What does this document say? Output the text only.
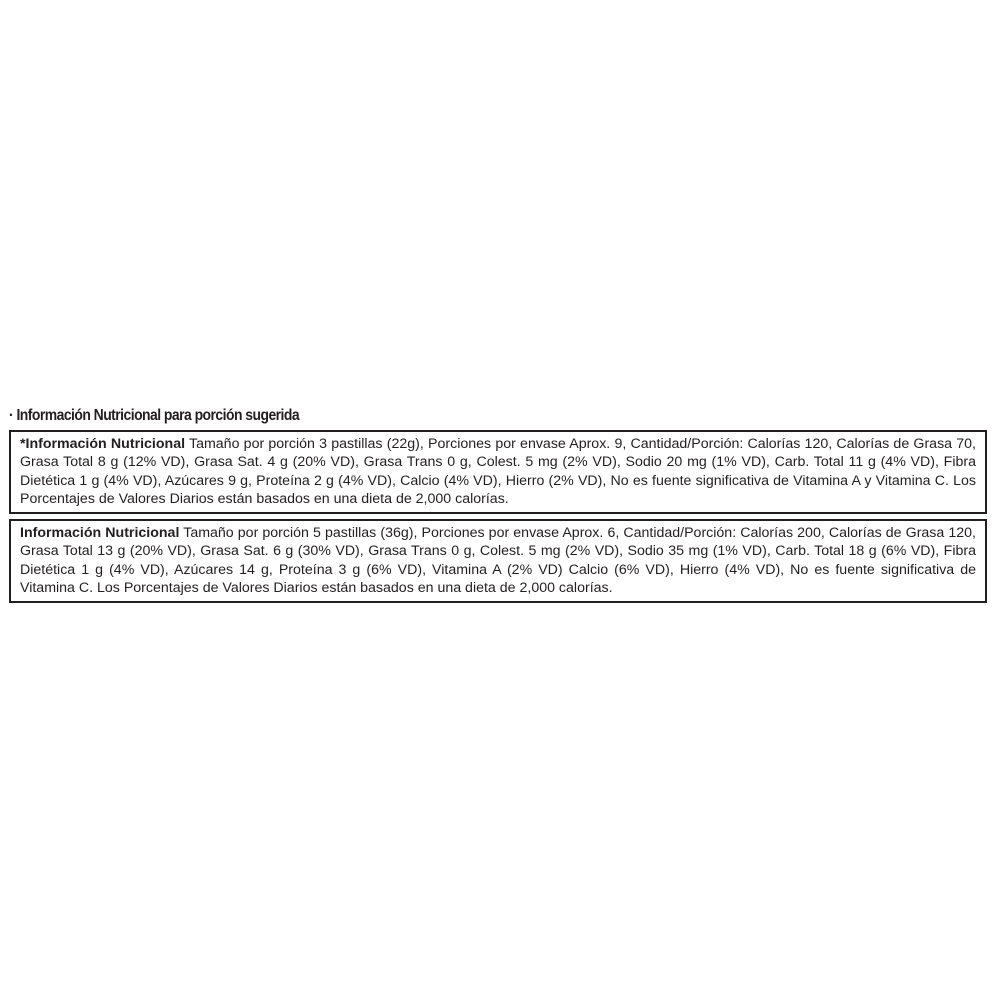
· Información Nutricional para porción sugerida
*Información Nutricional Tamaño por porción 3 pastillas (22g), Porciones por envase Aprox. 9, Cantidad/Porción: Calorías 120, Calorías de Grasa 70, Grasa Total 8 g (12% VD), Grasa Sat. 4 g (20% VD), Grasa Trans 0 g, Colest. 5 mg (2% VD), Sodio 20 mg (1% VD), Carb. Total 11 g (4% VD), Fibra Dietética 1 g (4% VD), Azúcares 9 g, Proteína 2 g (4% VD), Calcio (4% VD), Hierro (2% VD), No es fuente significativa de Vitamina A y Vitamina C. Los Porcentajes de Valores Diarios están basados en una dieta de 2,000 calorías.
Información Nutricional Tamaño por porción 5 pastillas (36g), Porciones por envase Aprox. 6, Cantidad/Porción: Calorías 200, Calorías de Grasa 120, Grasa Total 13 g (20% VD), Grasa Sat. 6 g (30% VD), Grasa Trans 0 g, Colest. 5 mg (2% VD), Sodio 35 mg (1% VD), Carb. Total 18 g (6% VD), Fibra Dietética 1 g (4% VD), Azúcares 14 g, Proteína 3 g (6% VD), Vitamina A (2% VD) Calcio (6% VD), Hierro (4% VD), No es fuente significativa de Vitamina C. Los Porcentajes de Valores Diarios están basados en una dieta de 2,000 calorías.
